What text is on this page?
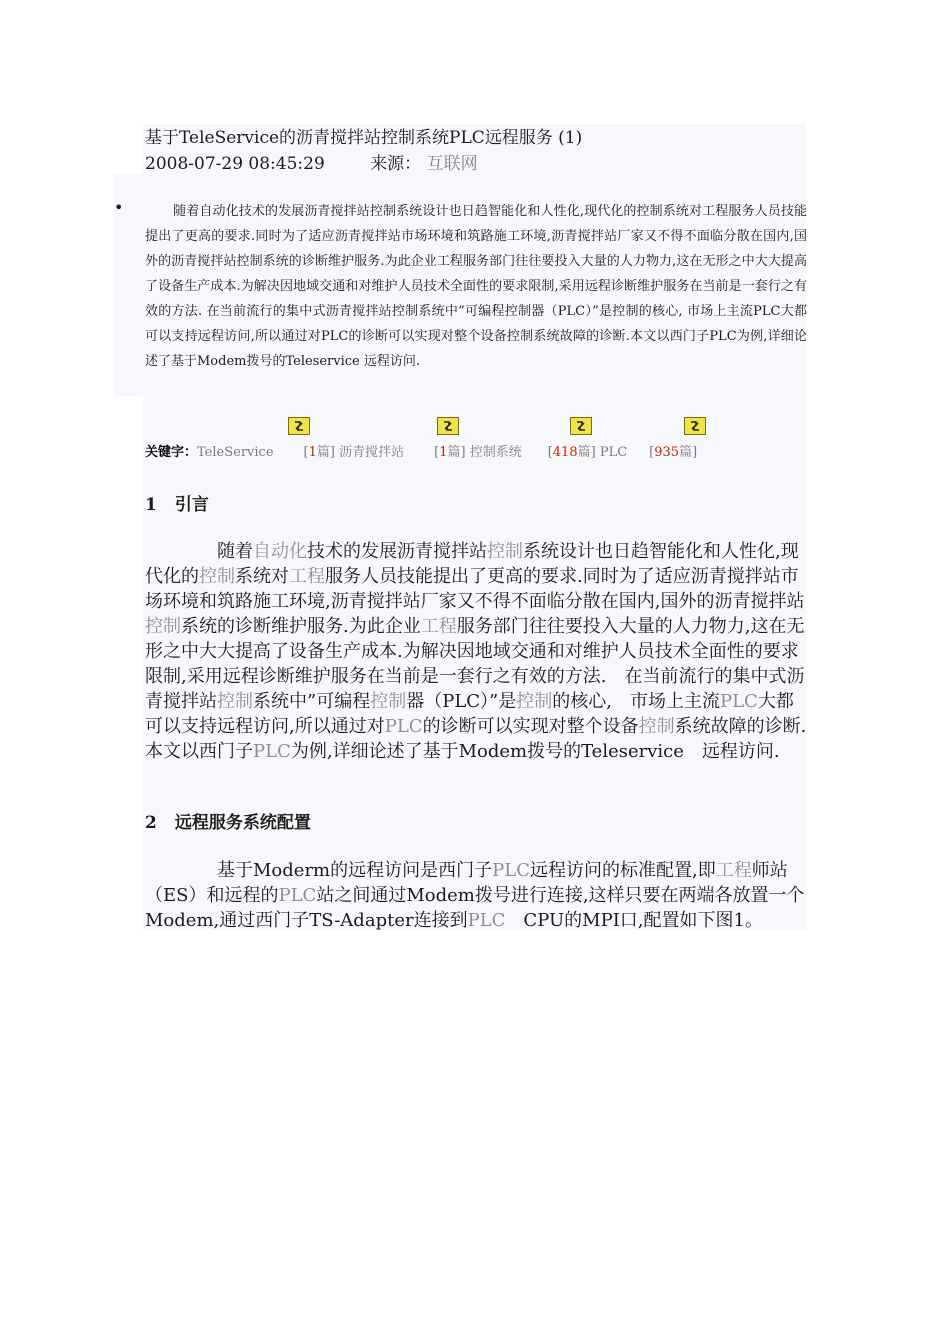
基于TeleService的沥青搅拌站控制系统PLC远程服务 (1)
2008-07-29 08:45:29	来源： 互联网
•	随着自动化技术的发展沥青搅拌站控制系统设计也日趋智能化和人性化,现代化的控制系统对工程服务人员技能提出了更高的要求.同时为了适应沥青搅拌站市场环境和筑路施工环境,沥青搅拌站厂家又不得不面临分散在国内,国外的沥青搅拌站控制系统的诊断维护服务.为此企业工程服务部门往往要投入大量的人力物力,这在无形之中大大提高了设备生产成本.为解决因地域交通和对维护人员技术全面性的要求限制,采用远程诊断维护服务在当前是一套行之有效的方法. 在当前流行的集中式沥青搅拌站控制系统中”可编程控制器（PLC）”是控制的核心, 市场上主流PLC大都可以支持远程访问,所以通过对PLC的诊断可以实现对整个设备控制系统故障的诊断.本文以西门子PLC为例,详细论述了基于Modem拨号的Teleservice 远程访问.

关键字：TeleService [1篇] 沥青搅拌站 [1篇] 控制系统 [418篇] PLC [935篇]
1 引言

　　　　随着自动化技术的发展沥青搅拌站控制系统设计也日趋智能化和人性化,现代化的控制系统对工程服务人员技能提出了更高的要求.同时为了适应沥青搅拌站市场环境和筑路施工环境,沥青搅拌站厂家又不得不面临分散在国内,国外的沥青搅拌站控制系统的诊断维护服务.为此企业工程服务部门往往要投入大量的人力物力,这在无形之中大大提高了设备生产成本.为解决因地域交通和对维护人员技术全面性的要求限制,采用远程诊断维护服务在当前是一套行之有效的方法.　在当前流行的集中式沥青搅拌站控制系统中”可编程控制器（PLC）”是控制的核心,　市场上主流PLC大都可以支持远程访问,所以通过对PLC的诊断可以实现对整个设备控制系统故障的诊断.本文以西门子PLC为例,详细论述了基于Modem拨号的Teleservice　远程访问.

2 远程服务系统配置

　　　　基于Moderm的远程访问是西门子PLC远程访问的标准配置,即工程师站（ES）和远程的PLC站之间通过Modem拨号进行连接,这样只要在两端各放置一个Modem,通过西门子TS-Adapter连接到PLC　CPU的MPI口,配置如下图1。
